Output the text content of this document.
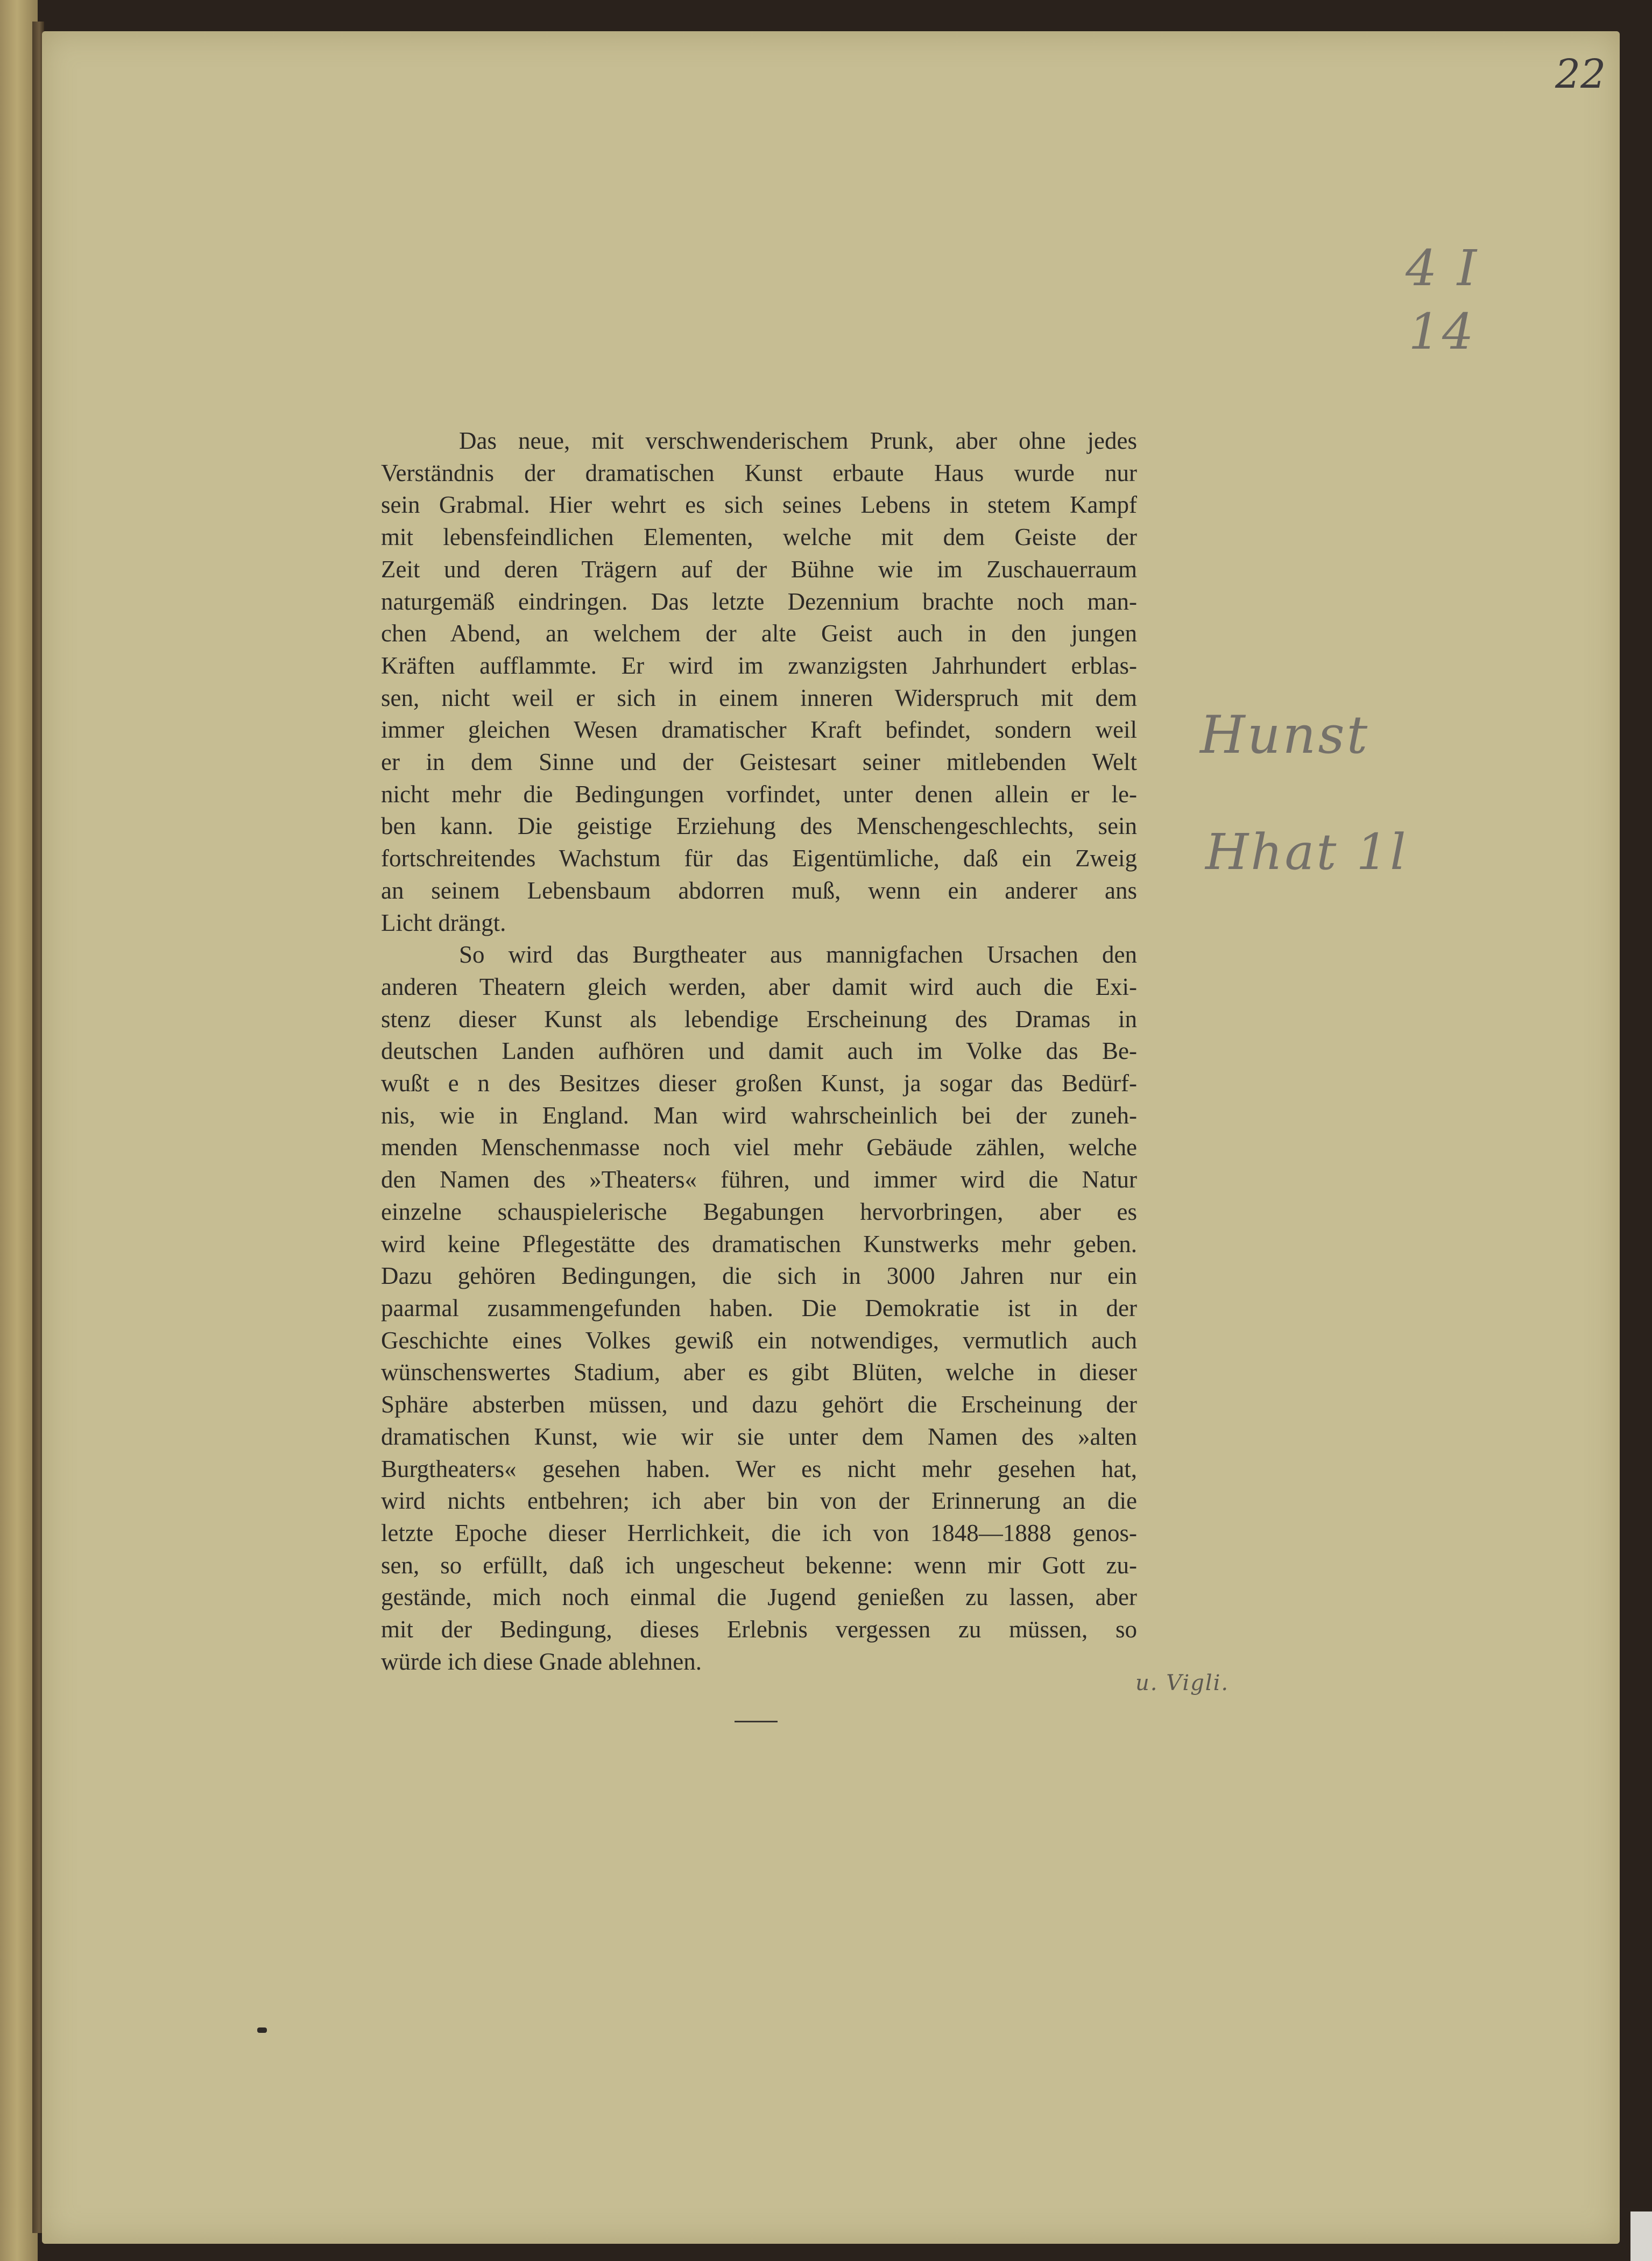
22
4 I
14
Hunst
Hhat 1l
u. Vigli.
Das neue, mit verschwenderischem Prunk, aber ohne jedes
Verständnis der dramatischen Kunst erbaute Haus wurde nur
sein Grabmal. Hier wehrt es sich seines Lebens in stetem Kampf
mit lebensfeindlichen Elementen, welche mit dem Geiste der
Zeit und deren Trägern auf der Bühne wie im Zuschauerraum
naturgemäß eindringen. Das letzte Dezennium brachte noch man-
chen Abend, an welchem der alte Geist auch in den jungen
Kräften aufflammte. Er wird im zwanzigsten Jahrhundert erblas-
sen, nicht weil er sich in einem inneren Widerspruch mit dem
immer gleichen Wesen dramatischer Kraft befindet, sondern weil
er in dem Sinne und der Geistesart seiner mitlebenden Welt
nicht mehr die Bedingungen vorfindet, unter denen allein er le-
ben kann. Die geistige Erziehung des Menschengeschlechts, sein
fortschreitendes Wachstum für das Eigentümliche, daß ein Zweig
an seinem Lebensbaum abdorren muß, wenn ein anderer ans
Licht drängt.
So wird das Burgtheater aus mannigfachen Ursachen den
anderen Theatern gleich werden, aber damit wird auch die Exi-
stenz dieser Kunst als lebendige Erscheinung des Dramas in
deutschen Landen aufhören und damit auch im Volke das Be-
wußt e n des Besitzes dieser großen Kunst, ja sogar das Bedürf-
nis, wie in England. Man wird wahrscheinlich bei der zuneh-
menden Menschenmasse noch viel mehr Gebäude zählen, welche
den Namen des »Theaters« führen, und immer wird die Natur
einzelne schauspielerische Begabungen hervorbringen, aber es
wird keine Pflegestätte des dramatischen Kunstwerks mehr geben.
Dazu gehören Bedingungen, die sich in 3000 Jahren nur ein
paarmal zusammengefunden haben. Die Demokratie ist in der
Geschichte eines Volkes gewiß ein notwendiges, vermutlich auch
wünschenswertes Stadium, aber es gibt Blüten, welche in dieser
Sphäre absterben müssen, und dazu gehört die Erscheinung der
dramatischen Kunst, wie wir sie unter dem Namen des »alten
Burgtheaters« gesehen haben. Wer es nicht mehr gesehen hat,
wird nichts entbehren; ich aber bin von der Erinnerung an die
letzte Epoche dieser Herrlichkeit, die ich von 1848—1888 genos-
sen, so erfüllt, daß ich ungescheut bekenne: wenn mir Gott zu-
gestände, mich noch einmal die Jugend genießen zu lassen, aber
mit der Bedingung, dieses Erlebnis vergessen zu müssen, so
würde ich diese Gnade ablehnen.
